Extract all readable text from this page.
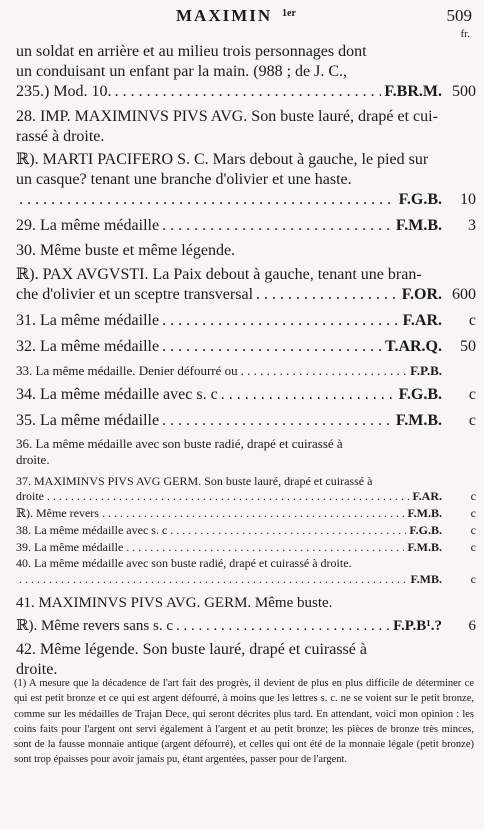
MAXIMIN 1er	509
fr.
un soldat en arrière et au milieu trois personnages dont
un conduisant un enfant par la main. (988 ; de J. C.,
235.) Mod. 10. . . .	F.BR.M. 500
28. IMP. MAXIMINVS PIVS AVG. Son buste lauré, drapé et cui-
rassé à droite.
ℝ). MARTI PACIFERO S. C. Mars debout à gauche, le pied sur
un casque? tenant une branche d'olivier et une haste.
. . .
F.G.B.	10
29. La même médaille . . .	F.M.B.	3
30. Même buste et même légende.
ℝ). PAX AVGVSTI. La Paix debout à gauche, tenant une bran-
che d'olivier et un sceptre transversal . . .	F.OR. 600
31. La même médaille . . .	F.AR.	c
32. La même médaille . . .	T.AR.Q.	50
33. La même médaille. Denier défourré ou . . .	F.P.B.
34. La même médaille avec s. c . . .	F.G.B.	c
35. La même médaille . . .	F.M.B.	c
36. La même médaille avec son buste radié, drapé et cuirassé à
droite.
37. MAXIMINVS PIVS AVG GERM. Son buste lauré, drapé et cuirassé à
droite . . .	F.AR.	c
ℝ). Même revers . . .	F.M.B.	c
38. La même médaille avec s. c . . .	F.G.B.	c
39. La même médaille . . .	F.M.B.	c
40. La même médaille avec son buste radié, drapé et cuirassé à droite.
. . .
F.MB.	c
41. MAXIMINVS PIVS AVG. GERM. Même buste.
ℝ). Même revers sans s. c . . .	F.P.B¹.?	6
42. Même légende. Son buste lauré, drapé et cuirassé à
droite.
(1) A mesure que la décadence de l'art fait des progrès, il devient de plus en plus difficile de déterminer ce qui est petit bronze et ce qui est argent défourré, à moins que les lettres s. c. ne se voient sur le petit bronze, comme sur les médailles de Trajan Dece, qui seront décrites plus tard. En attendant, voici mon opinion : les coins faits pour l'argent ont servi également à l'argent et au petit bronze; les pièces de bronze très minces, sont de la fausse monnaie antique (argent défourré), et celles qui ont été de la monnaie légale (petit bronze) sont trop épaisses pour avoir jamais pu, étant argentées, passer pour de l'argent.
